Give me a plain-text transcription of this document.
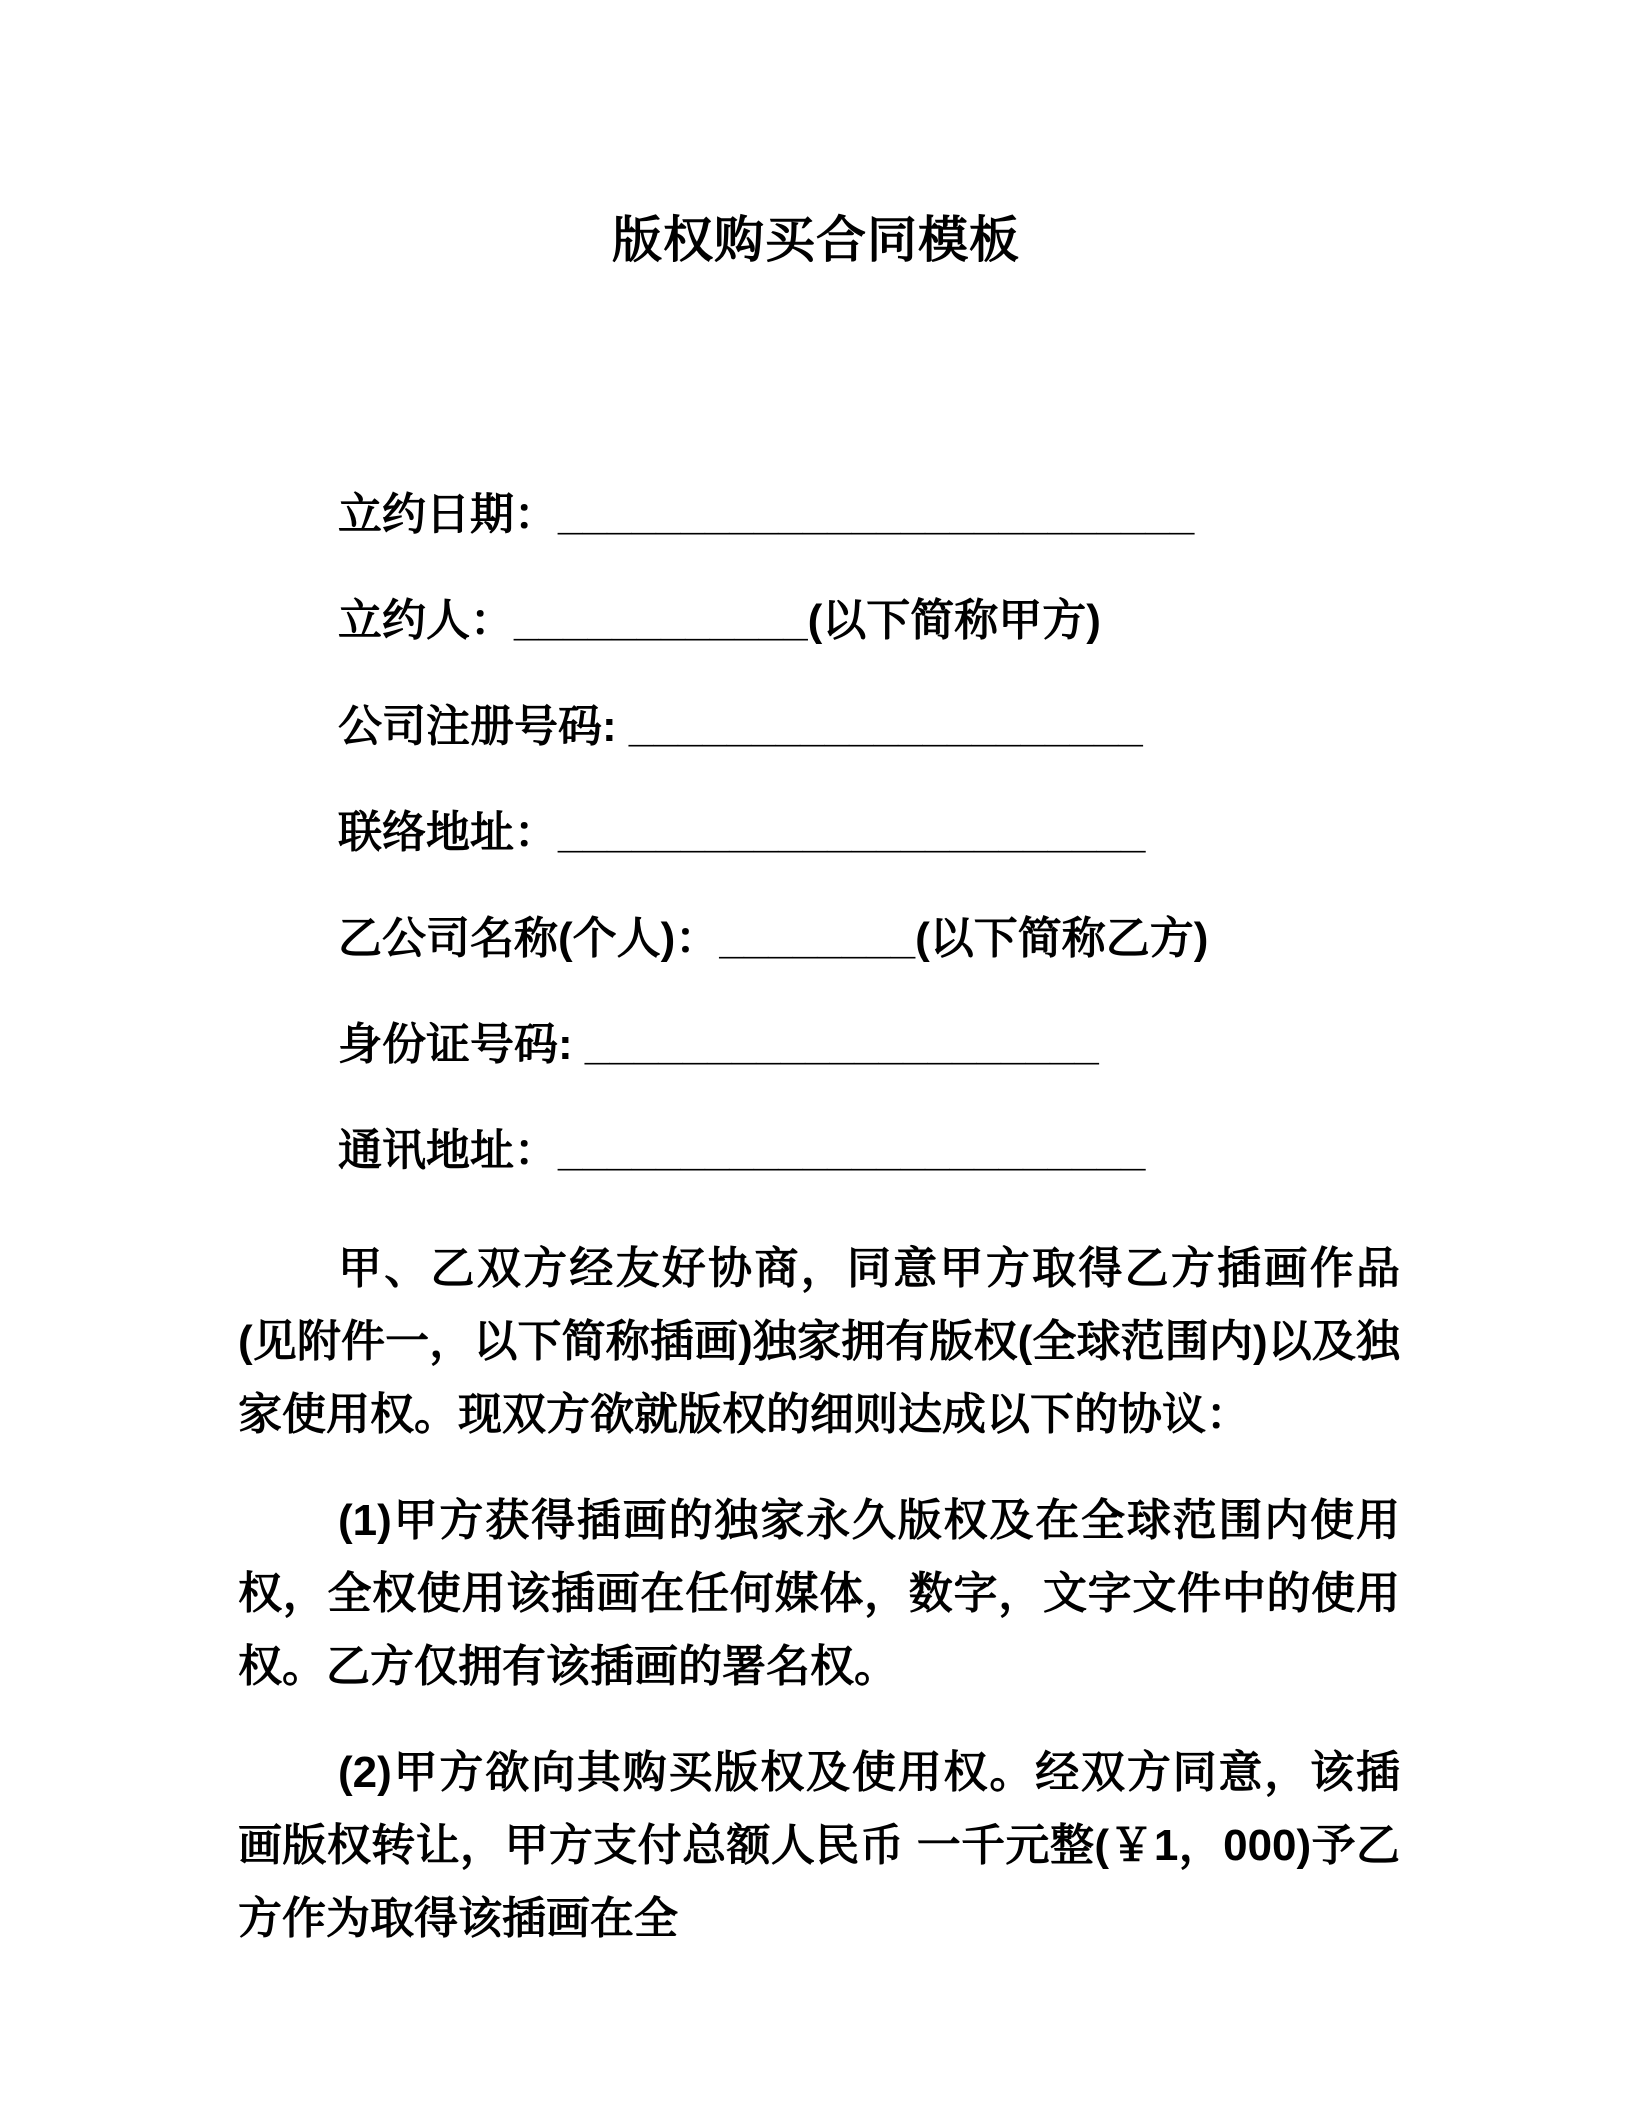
版权购买合同模板
立约日期：__________________________
立约人：____________(以下简称甲方)
公司注册号码: _____________________
联络地址：________________________
乙公司名称(个人)：________(以下简称乙方)
身份证号码: _____________________
通讯地址：________________________

甲、乙双方经友好协商，同意甲方取得乙方插画作品(见附件一，以下简称插画)独家拥有版权(全球范围内)以及独家使用权。现双方欲就版权的细则达成以下的协议：

(1)甲方获得插画的独家永久版权及在全球范围内使用权，全权使用该插画在任何媒体，数字，文字文件中的使用权。乙方仅拥有该插画的署名权。

(2)甲方欲向其购买版权及使用权。经双方同意，该插画版权转让，甲方支付总额人民币 一千元整(￥1，000)予乙方作为取得该插画在全
